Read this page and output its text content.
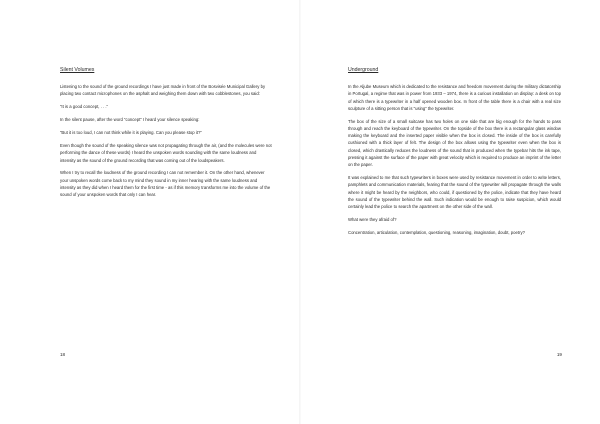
Silent Volumes

Listening to the sound of the ground recordings I have just made in front of the Bosvisée Municipal Gallery by placing two contact microphones on the asphalt and weighing them down with two cobblestones, you said:

“It is a good concept, . . .”

In the silent pause, after the word “concept” I heard your silence speaking:

“But it is too loud, I can not think while it is playing. Can you please stop it?”

Even though the sound of the speaking silence was not propagating through the air, (and the molecules were not performing the dance of these words) I heard the unspoken words sounding with the same loudness and intensity as the sound of the ground recording that was coming out of the loudspeakers.

When I try to recall the loudness of the ground recording I can not remember it. On the other hand, whenever your unspoken words come back to my mind they sound in my inner hearing with the same loudness and intensity as they did when I heard them for the first time - as if this memory transforms me into the volume of the sound of your unspoken words that only I can hear.

18
Underground

In the Aljube Museum which is dedicated to the resistance and freedom movement during the military dictatorship in Portugal, a regime that was in power from 1933 – 1974, there is a curious installation on display: a desk on top of which there is a typewriter in a half opened wooden box. In front of the table there is a chair with a real size sculpture of a sitting person that is “using” the typewriter.

The box of the size of a small suitcase has two holes on one side that are big enough for the hands to pass through and reach the keyboard of the typewriter. On the topside of the box there is a rectangular glass window making the keyboard and the inserted paper visible when the box is closed. The inside of the box is carefully cushioned with a thick layer of felt. The design of the box allows using the typewriter even when the box is closed, which drastically reduces the loudness of the sound that is produced when the typebar hits the ink tape, pressing it against the surface of the paper with great velocity which is required to produce an imprint of the letter on the paper.

It was explained to me that such typewriters in boxes were used by resistance movement in order to write letters, pamphlets and communication materials, fearing that the sound of the typewriter will propagate through the walls where it might be heard by the neighbors, who could, if questioned by the police, indicate that they have heard the sound of the typewriter behind the wall. Such indication would be enough to raise suspicion, which would certainly lead the police to search the apartment on the other side of the wall.

What were they afraid of?

Concentration, articulation, contemplation, questioning, reasoning, imagination, doubt, poetry?

19
